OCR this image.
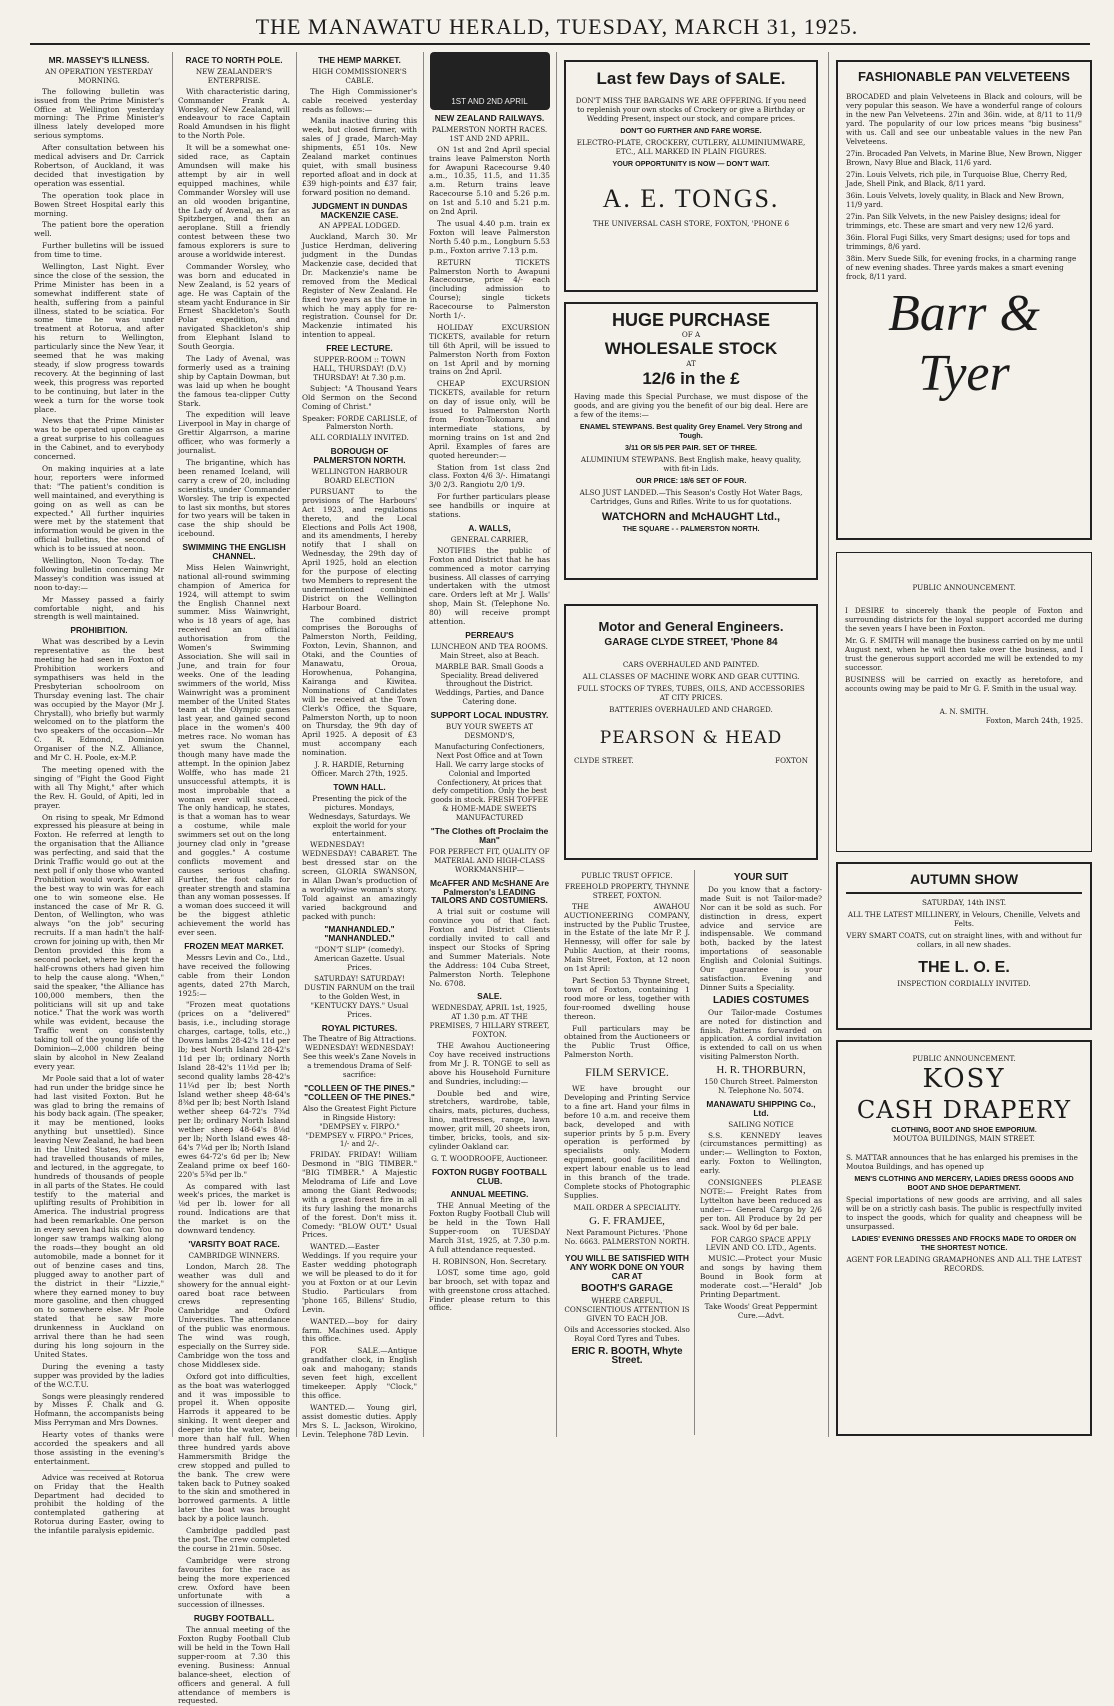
THE MANAWATU HERALD, TUESDAY, MARCH 31, 1925.
MR. MASSEY'S ILLNESS.
AN OPERATION YESTERDAY MORNING.

The following bulletin was issued from the Prime Minister's Office at Wellington yesterday morning: The Prime Minister's illness lately developed more serious symptoms.

After consultation between his medical advisers and Dr. Carrick Robertson, of Auckland, it was decided that investigation by operation was essential.

The operation took place in Bowen Street Hospital early this morning.

The patient bore the operation well.

Further bulletins will be issued from time to time.

Wellington, Last Night. Ever since the close of the session, the Prime Minister has been in a somewhat indifferent state of health, suffering from a painful illness, stated to be sciatica. For some time he was under treatment at Rotorua, and after his return to Wellington, particularly since the New Year, it seemed that he was making steady, if slow progress towards recovery. At the beginning of last week, this progress was reported to be continuing, but later in the week a turn for the worse took place.

News that the Prime Minister was to be operated upon came as a great surprise to his colleagues in the Cabinet, and to everybody concerned.

On making inquiries at a late hour, reporters were informed that: "The patient's condition is well maintained, and everything is going on as well as can be expected." All further inquiries were met by the statement that information would be given in the official bulletins, the second of which is to be issued at noon.

Wellington, Noon To-day. The following bulletin concerning Mr Massey's condition was issued at noon to-day:—

Mr Massey passed a fairly comfortable night, and his strength is well maintained.

PROHIBITION.

What was described by a Levin representative as the best meeting he had seen in Foxton of Prohibition workers and sympathisers was held in the Presbyterian schoolroom on Thursday evening last. The chair was occupied by the Mayor (Mr J. Chrystall), who briefly but warmly welcomed on to the platform the two speakers of the occasion—Mr C. R. Edmond, Dominion Organiser of the N.Z. Alliance, and Mr C. H. Poole, ex-M.P.

The meeting opened with the singing of "Fight the Good Fight with all Thy Might," after which the Rev. H. Gould, of Apiti, led in prayer.

On rising to speak, Mr Edmond expressed his pleasure at being in Foxton. He referred at length to the organisation that the Alliance was perfecting, and said that the Drink Traffic would go out at the next poll if only those who wanted Prohibition would work. After all the best way to win was for each one to win someone else. He instanced the case of Mr R. G. Denton, of Wellington, who was always "on the job" securing recruits. If a man hadn't the half-crown for joining up with, then Mr Denton provided this from a second pocket, where he kept the half-crowns others had given him to help the cause along. "When," said the speaker, "the Alliance has 100,000 members, then the politicians will sit up and take notice." That the work was worth while was evident, because the Traffic went on consistently taking toll of the young life of the Dominion—2,000 children being slain by alcohol in New Zealand every year.

Mr Poole said that a lot of water had run under the bridge since he had last visited Foxton. But he was glad to bring the remains of his body back again. (The speaker, it may be mentioned, looks anything but unsettled). Since leaving New Zealand, he had been in the United States, where he had travelled thousands of miles, and lectured, in the aggregate, to hundreds of thousands of people in all parts of the States. He could testify to the material and uplifting results of Prohibition in America. The industrial progress had been remarkable. One person in every seven had his car. You no longer saw tramps walking along the roads—they bought an old automobile, made a bonnet for it out of benzine cases and tins, plugged away to another part of the district in their "Lizzie," where they earned money to buy more gasoline, and then chugged on to somewhere else. Mr Poole stated that he saw more drunkenness in Auckland on arrival there than he had seen during his long sojourn in the United States.

During the evening a tasty supper was provided by the ladies of the W.C.T.U.

Songs were pleasingly rendered by Misses F. Chalk and G. Hofmann, the accompanists being Miss Perryman and Mrs Downes.

Hearty votes of thanks were accorded the speakers and all those assisting in the evening's entertainment.

Advice was received at Rotorua on Friday that the Health Department had decided to prohibit the holding of the contemplated gathering at Rotorua during Easter, owing to the infantile paralysis epidemic.

RACE TO NORTH POLE.
NEW ZEALANDER'S ENTERPRISE.

With characteristic daring, Commander Frank A. Worsley, of New Zealand, will endeavour to race Captain Roald Amundsen in his flight to the North Pole.

It will be a somewhat one-sided race, as Captain Amundsen will make his attempt by air in well equipped machines, while Commander Worsley will use an old wooden brigantine, the Lady of Avenal, as far as Spitzbergen, and then an aeroplane. Still a friendly contest between these two famous explorers is sure to arouse a worldwide interest.

Commander Worsley, who was born and educated in New Zealand, is 52 years of age. He was Captain of the steam yacht Endurance in Sir Ernest Shackleton's South Polar expedition, and navigated Shackleton's ship from Elephant Island to South Georgia.

The Lady of Avenal, was formerly used as a training ship by Captain Dowman, but was laid up when he bought the famous tea-clipper Cutty Stark.

The expedition will leave Liverpool in May in charge of Grettir Algarrson, a marine officer, who was formerly a journalist.

The brigantine, which has been renamed Iceland, will carry a crew of 20, including scientists, under Commander Worsley. The trip is expected to last six months, but stores for two years will be taken in case the ship should be icebound.

SWIMMING THE ENGLISH CHANNEL.

Miss Helen Wainwright, national all-round swimming champion of America for 1924, will attempt to swim the English Channel next summer. Miss Wainwright, who is 18 years of age, has received an official authorisation from the Women's Swimming Association. She will sail in June, and train for four weeks. One of the leading swimmers of the world, Miss Wainwright was a prominent member of the United States team at the Olympic games last year, and gained second place in the women's 400 metres race. No woman has yet swum the Channel, though many have made the attempt. In the opinion Jabez Wolffe, who has made 21 unsuccessful attempts, it is most improbable that a woman ever will succeed. The only handicap, he states, is that a woman has to wear a costume, while male swimmers set out on the long journey clad only in "grease and goggles." A costume conflicts movement and causes serious chafing. Further, the foot calls for greater strength and stamina than any woman possesses. If a woman does succeed it will be the biggest athletic achievement the world has ever seen.

FROZEN MEAT MARKET.

Messrs Levin and Co., Ltd., have received the following cable from their London agents, dated 27th March, 1925:—

"Frozen meat quotations (prices on a "delivered" basis, i.e., including storage charges, cartage, tolls, etc.,) Downs lambs 28-42's 11d per lb; best North Island 28-42's 11d per lb; ordinary North Island 28-42's 11½d per lb; second quality lambs 28-42's 11¼d per lb; best North Island wether sheep 48-64's 8⅜d per lb; best North Island wether sheep 64-72's 7¾d per lb; ordinary North Island wether sheep 48-64's 8⅛d per lb; North Island ewes 48-64's 7¼d per lb; North Island ewes 64-72's 6d per lb; New Zealand prime ox beef 160-220's 5¾d per lb."

As compared with last week's prices, the market is ⅛d per lb. lower for all round. Indications are that the market is on the downward tendency.

'VARSITY BOAT RACE.
CAMBRIDGE WINNERS.

London, March 28. The weather was dull and showery for the annual eight-oared boat race between crews representing Cambridge and Oxford Universities. The attendance of the public was enormous. The wind was rough, especially on the Surrey side. Cambridge won the toss and chose Middlesex side.

Oxford got into difficulties, as the boat was waterlogged and it was impossible to propel it. When opposite Harrods it appeared to be sinking. It went deeper and deeper into the water, being more than half full. When three hundred yards above Hammersmith Bridge the crew stopped and pulled to the bank. The crew were taken back to Putney soaked to the skin and smothered in borrowed garments. A little later the boat was brought back by a police launch.

Cambridge paddled past the post. The crew completed the course in 21min. 50sec.

Cambridge were strong favourites for the race as being the more experienced crew. Oxford have been unfortunate with a succession of illnesses.

RUGBY FOOTBALL.

The annual meeting of the Foxton Rugby Football Club will be held in the Town Hall supper-room at 7.30 this evening. Business: Annual balance-sheet, election of officers and general. A full attendance of members is requested.

THE HEMP MARKET.
HIGH COMMISSIONER'S CABLE.

The High Commissioner's cable received yesterday reads as follows:—

Manila inactive during this week, but closed firmer, with sales of J grade, March-May shipments, £51 10s. New Zealand market continues quiet, with small business reported afloat and in dock at £39 high-points and £37 fair, forward position no demand.

JUDGMENT IN DUNDAS MACKENZIE CASE.
AN APPEAL LODGED.

Auckland, March 30. Mr Justice Herdman, delivering judgment in the Dundas Mackenzie case, decided that Dr. Mackenzie's name be removed from the Medical Register of New Zealand. He fixed two years as the time in which he may apply for re-registration. Counsel for Dr. Mackenzie intimated his intention to appeal.

FREE LECTURE.

SUPPER-ROOM :: TOWN HALL, THURSDAY! (D.V.) THURSDAY! At 7.30 p.m.

Subject: "A Thousand Years Old Sermon on the Second Coming of Christ."

Speaker: FORDE CARLISLE, of Palmerston North.

ALL CORDIALLY INVITED.

BOROUGH OF PALMERSTON NORTH.
WELLINGTON HARBOUR BOARD ELECTION

PURSUANT to the provisions of The Harbours' Act 1923, and regulations thereto, and the Local Elections and Polls Act 1908, and its amendments, I hereby notify that I shall on Wednesday, the 29th day of April 1925, hold an election for the purpose of electing two Members to represent the undermentioned combined District on the Wellington Harbour Board.

The combined district comprises the Boroughs of Palmerston North, Feilding, Foxton, Levin, Shannon, and Otaki, and the Counties of Manawatu, Oroua, Horowhenua, Pohangina, Kairanga and Kiwitea. Nominations of Candidates will be received at the Town Clerk's Office, the Square, Palmerston North, up to noon on Thursday, the 9th day of April 1925. A deposit of £3 must accompany each nomination.

J. R. HARDIE, Returning Officer. March 27th, 1925.

TOWN HALL.

Presenting the pick of the pictures. Mondays, Wednesdays, Saturdays. We exploit the world for your entertainment.

WEDNESDAY! WEDNESDAY! CABARET. The best dressed star on the screen, GLORIA SWANSON, in Allan Dwan's production of a worldly-wise woman's story. Told against an amazingly varied background and packed with punch:

"MANHANDLED." "MANHANDLED."

"DON'T SLIP" (comedy). American Gazette. Usual Prices.

SATURDAY! SATURDAY! DUSTIN FARNUM on the trail to the Golden West, in "KENTUCKY DAYS." Usual Prices.

ROYAL PICTURES.

The Theatre of Big Attractions. WEDNESDAY! WEDNESDAY! See this week's Zane Novels in a tremendous Drama of Self-sacrifice:

"COLLEEN OF THE PINES." "COLLEEN OF THE PINES."

Also the Greatest Fight Picture in Ringside History: "DEMPSEY v. FIRPO." "DEMPSEY v. FIRPO." Prices, 1/- and 2/-.

FRIDAY. FRIDAY! William Desmond in "BIG TIMBER." "BIG TIMBER." A Majestic Melodrama of Life and Love among the Giant Redwoods; with a great forest fire in all its fury lashing the monarchs of the forest. Don't miss it. Comedy: "BLOW OUT." Usual Prices.

WANTED.—Easter Weddings. If you require your Easter wedding photograph we will be pleased to do it for you at Foxton or at our Levin Studio. Particulars from 'phone 165, Billens' Studio, Levin.

WANTED.—boy for dairy farm. Machines used. Apply this office.

FOR SALE.—Antique grandfather clock, in English oak and mahogany; stands seven feet high, excellent timekeeper. Apply "Clock," this office.

WANTED.— Young girl, assist domestic duties. Apply Mrs S. L. Jackson, Wirokino, Levin. Telephone 78D Levin.

1ST AND 2ND APRIL
NEW ZEALAND RAILWAYS.
PALMERSTON NORTH RACES. 1ST AND 2ND APRIL.

ON 1st and 2nd April special trains leave Palmerston North for Awapuni Racecourse 9.40 a.m., 10.35, 11.5, and 11.35 a.m. Return trains leave Racecourse 5.10 and 5.26 p.m. on 1st and 5.10 and 5.21 p.m. on 2nd April.

The usual 4.40 p.m. train ex Foxton will leave Palmerston North 5.40 p.m., Longburn 5.53 p.m., Foxton arrive 7.13 p.m.

RETURN TICKETS Palmerston North to Awapuni Racecourse, price 4/- each (including admission to Course); single tickets Racecourse to Palmerston North 1/-.

HOLIDAY EXCURSION TICKETS, available for return till 6th April, will be issued to Palmerston North from Foxton on 1st April and by morning trains on 2nd April.

CHEAP EXCURSION TICKETS, available for return on day of issue only, will be issued to Palmerston North from Foxton-Tokomaru and intermediate stations, by morning trains on 1st and 2nd April. Examples of fares are quoted hereunder:—

Station from 1st class 2nd class. Foxton 4/6 3/-. Himatangi 3/0 2/3. Rangiotu 2/0 1/9.

For further particulars please see handbills or inquire at stations.

A. WALLS,
GENERAL CARRIER,

NOTIFIES the public of Foxton and District that he has commenced a motor carrying business. All classes of carrying undertaken with the utmost care. Orders left at Mr J. Walls' shop, Main St. (Telephone No. 80) will receive prompt attention.

PERREAU'S

LUNCHEON AND TEA ROOMS. Main Street, also at Beach.

MARBLE BAR. Small Goods a Speciality. Bread delivered throughout the District. Weddings, Parties, and Dance Catering done.

SUPPORT LOCAL INDUSTRY.
BUY YOUR SWEETS AT DESMOND'S,

Manufacturing Confectioners, Next Post Office and at Town Hall. We carry large stocks of Colonial and Imported Confectionery, At prices that defy competition. Only the best goods in stock. FRESH TOFFEE & HOME-MADE SWEETS MANUFACTURED

"The Clothes oft Proclaim the Man"

FOR PERFECT FIT, QUALITY OF MATERIAL AND HIGH-CLASS WORKMANSHIP—

McAFFER AND McSHANE Are Palmerston's LEADING TAILORS AND COSTUMIERS.

A trial suit or costume will convince you of that fact. Foxton and District Clients cordially invited to call and inspect our Stocks of Spring and Summer Materials. Note the Address: 104 Cuba Street, Palmerston North. Telephone No. 6708.

SALE.

WEDNESDAY, APRIL 1st, 1925, AT 1.30 p.m. AT THE PREMISES, 7 HILLARY STREET, FOXTON.

THE Awahou Auctioneering Coy have received instructions from Mr J. R. TONGE to sell as above his Household Furniture and Sundries, including:—

Double bed and wire, stretchers, wardrobe, table, chairs, mats, pictures, duchess, lino, mattresses, range, lawn mower, grit mill, 20 sheets iron, timber, bricks, tools, and six-cylinder Oakland car.

G. T. WOODROOFE, Auctioneer.

FOXTON RUGBY FOOTBALL CLUB.
ANNUAL MEETING.

THE Annual Meeting of the Foxton Rugby Football Club will be held in the Town Hall Supper-room on TUESDAY March 31st, 1925, at 7.30 p.m. A full attendance requested.

H. ROBINSON, Hon. Secretary.

LOST, some time ago, gold bar brooch, set with topaz and with greenstone cross attached. Finder please return to this office.

Last few Days of SALE.

DON'T MISS THE BARGAINS WE ARE OFFERING. If you need to replenish your own stocks of Crockery or give a Birthday or Wedding Present, inspect our stock, and compare prices.

DON'T GO FURTHER AND FARE WORSE.

ELECTRO-PLATE, CROCKERY, CUTLERY, ALUMINIUMWARE, ETC., ALL MARKED IN PLAIN FIGURES.

YOUR OPPORTUNITY IS NOW — DON'T WAIT.

A. E. TONGS.

THE UNIVERSAL CASH STORE, FOXTON, 'PHONE 6

HUGE PURCHASE
OF A
WHOLESALE STOCK
AT
12/6 in the £

Having made this Special Purchase, we must dispose of the goods, and are giving you the benefit of our big deal. Here are a few of the items:—

ENAMEL STEWPANS. Best quality Grey Enamel. Very Strong and Tough.

3/11 OR 5/5 PER PAIR. SET OF THREE.

ALUMINIUM STEWPANS. Best English make, heavy quality, with fit-in Lids.

OUR PRICE: 18/6 SET OF FOUR.

ALSO JUST LANDED.—This Season's Costly Hot Water Bags, Cartridges, Guns and Rifles. Write to us for quotations.

WATCHORN and McHAUGHT Ltd.,
THE SQUARE - - PALMERSTON NORTH.
Motor and General Engineers.
GARAGE CLYDE STREET, 'Phone 84

CARS OVERHAULED AND PAINTED.

ALL CLASSES OF MACHINE WORK AND GEAR CUTTING.

FULL STOCKS OF TYRES, TUBES, OILS, AND ACCESSORIES AT CITY PRICES.

BATTERIES OVERHAULED AND CHARGED.

PEARSON & HEAD
CLYDE STREET.	FOXTON
PUBLIC TRUST OFFICE.
FREEHOLD PROPERTY, THYNNE STREET, FOXTON.

THE AWAHOU AUCTIONEERING COMPANY, instructed by the Public Trustee, in the Estate of the late Mr P. J. Hennessy, will offer for sale by Public Auction, at their rooms, Main Street, Foxton, at 12 noon on 1st April:

Part Section 53 Thynne Street, town of Foxton, containing 1 rood more or less, together with four-roomed dwelling house thereon.

Full particulars may be obtained from the Auctioneers or the Public Trust Office, Palmerston North.

FILM SERVICE.

WE have brought our Developing and Printing Service to a fine art. Hand your films in before 10 a.m. and receive them back, developed and with superior prints by 5 p.m. Every operation is performed by specialists only. Modern equipment, good facilities and expert labour enable us to lead in this branch of the trade. Complete stocks of Photographic Supplies.

MAIL ORDER A SPECIALITY.

G. F. FRAMJEE,

Next Paramount Pictures. 'Phone No. 6663. PALMERSTON NORTH.

YOU WILL BE SATISFIED WITH ANY WORK DONE ON YOUR CAR AT

BOOTH'S GARAGE

WHERE CAREFUL, CONSCIENTIOUS ATTENTION IS GIVEN TO EACH JOB.

Oils and Accessories stocked. Also Royal Cord Tyres and Tubes.

ERIC R. BOOTH, Whyte Street.

YOUR SUIT

Do you know that a factory-made Suit is not Tailor-made? Nor can it be sold as such. For distinction in dress, expert advice and service are indispensable. We command both, backed by the latest importations of seasonable English and Colonial Suitings. Our guarantee is your satisfaction. Evening and Dinner Suits a Speciality.

LADIES COSTUMES

Our Tailor-made Costumes are noted for distinction and finish. Patterns forwarded on application. A cordial invitation is extended to call on us when visiting Palmerston North.

H. R. THORBURN,

150 Church Street. Palmerston N. Telephone No. 5074.

MANAWATU SHIPPING Co., Ltd.
SAILING NOTICE

S.S. KENNEDY leaves (circumstances permitting) as under:— Wellington to Foxton, early. Foxton to Wellington, early.

CONSIGNEES PLEASE NOTE:— Freight Rates from Lyttelton have been reduced as under:— General Cargo by 2/6 per ton. All Produce by 2d per sack. Wool by 6d per bale.

FOR CARGO SPACE APPLY LEVIN AND CO. LTD., Agents.

MUSIC.—Protect your Music and songs by having them Bound in Book form at moderate cost.—"Herald" Job Printing Department.

Take Woods' Great Peppermint Cure.—Advt.

FASHIONABLE PAN VELVETEENS

BROCADED and plain Velveteens in Black and colours, will be very popular this season. We have a wonderful range of colours in the new Pan Velveteens. 27in and 36in. wide, at 8/11 to 11/9 yard. The popularity of our low prices means "big business" with us. Call and see our unbeatable values in the new Pan Velveteens.

27in. Brocaded Pan Velvets, in Marine Blue, New Brown, Nigger Brown, Navy Blue and Black, 11/6 yard.

27in. Louis Velvets, rich pile, in Turquoise Blue, Cherry Red, Jade, Shell Pink, and Black, 8/11 yard.

36in. Louis Velvets, lovely quality, in Black and New Brown, 11/9 yard.

27in. Pan Silk Velvets, in the new Paisley designs; ideal for trimmings, etc. These are smart and very new 12/6 yard.

36in. Floral Fugi Silks, very Smart designs; used for tops and trimmings, 8/6 yard.

38in. Merv Suede Silk, for evening frocks, in a charming range of new evening shades. Three yards makes a smart evening frock, 8/11 yard.

Barr & Tyer
PUBLIC ANNOUNCEMENT.

I DESIRE to sincerely thank the people of Foxton and surrounding districts for the loyal support accorded me during the seven years I have been in Foxton.

Mr. G. F. SMITH will manage the business carried on by me until August next, when he will then take over the business, and I trust the generous support accorded me will be extended to my successor.

BUSINESS will be carried on exactly as heretofore, and accounts owing may be paid to Mr G. F. Smith in the usual way.

A. N. SMITH.
Foxton, March 24th, 1925.
AUTUMN SHOW
SATURDAY, 14th INST.

ALL THE LATEST MILLINERY, in Velours, Chenille, Velvets and Felts.

VERY SMART COATS, cut on straight lines, with and without fur collars, in all new shades.

THE L. O. E.
INSPECTION CORDIALLY INVITED.
PUBLIC ANNOUNCEMENT.
KOSY
CASH DRAPERY
CLOTHING, BOOT AND SHOE EMPORIUM.
MOUTOA BUILDINGS, MAIN STREET.

S. MATTAR announces that he has enlarged his premises in the Moutoa Buildings, and has opened up

MEN'S CLOTHING AND MERCERY, LADIES DRESS GOODS AND BOOT AND SHOE DEPARTMENT.

Special importations of new goods are arriving, and all sales will be on a strictly cash basis. The public is respectfully invited to inspect the goods, which for quality and cheapness will be unsurpassed.

LADIES' EVENING DRESSES AND FROCKS MADE TO ORDER ON THE SHORTEST NOTICE.

AGENT FOR LEADING GRAMAPHONES AND ALL THE LATEST RECORDS.
